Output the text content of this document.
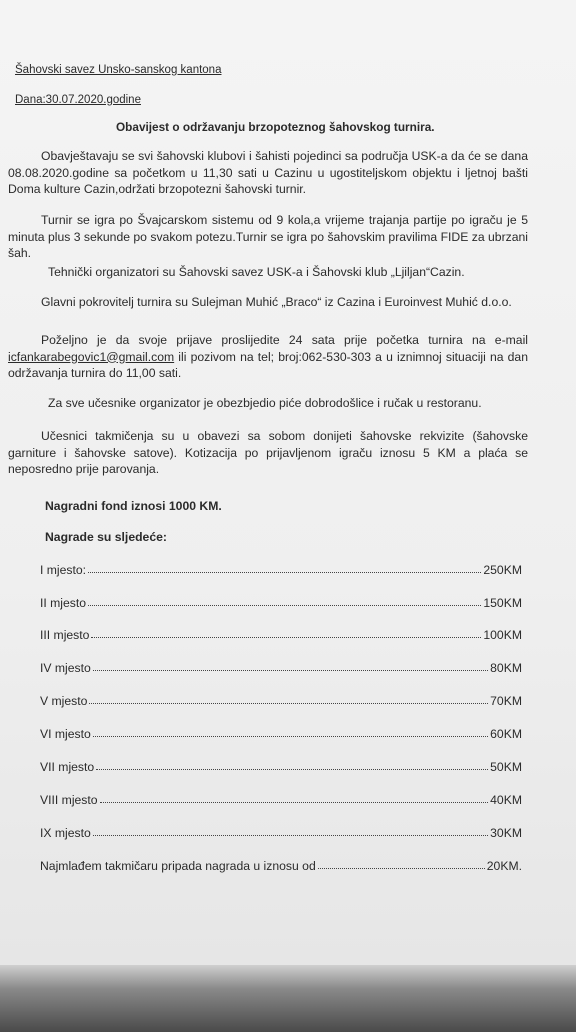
Šahovski savez Unsko-sanskog kantona
Dana:30.07.2020.godine
Obavijest o održavanju brzopoteznog šahovskog turnira.
Obavještavaju se svi šahovski klubovi i šahisti pojedinci sa područja USK-a da će se dana 08.08.2020.godine sa početkom u 11,30 sati u Cazinu u ugostiteljskom objektu i ljetnoj bašti Doma kulture Cazin,održati brzopotezni šahovski turnir.
Turnir se igra po Švajcarskom sistemu od 9 kola,a vrijeme trajanja partije po igraču je 5 minuta plus 3 sekunde po svakom potezu.Turnir se igra po šahovskim pravilima FIDE za ubrzani šah.
Tehnički organizatori su Šahovski savez USK-a i Šahovski klub „Ljiljan“Cazin.
Glavni pokrovitelj turnira su Sulejman Muhić „Braco“ iz Cazina i Euroinvest Muhić d.o.o.
Poželjno je da svoje prijave proslijedite 24 sata prije početka turnira na e-mail icfankarabegovic1@gmail.com ili pozivom na tel; broj:062-530-303 a u iznimnoj situaciji na dan održavanja turnira do 11,00 sati.
Za sve učesnike organizator je obezbjedio piće dobrodošlice i ručak u restoranu.
Učesnici takmičenja su u obavezi sa sobom donijeti šahovske rekvizite (šahovske garniture i šahovske satove). Kotizacija po prijavljenom igraču iznosu 5 KM a plaća se neposredno prije parovanja.
Nagradni fond iznosi 1000 KM.
Nagrade su sljedeće:
I mjesto:	250KM
II mjesto	150KM
III mjesto	100KM
IV mjesto	80KM
V mjesto	70KM
VI mjesto	60KM
VII mjesto	50KM
VIII mjesto	40KM
IX mjesto	30KM
Najmlađem takmičaru pripada nagrada u iznosu od	20KM.
